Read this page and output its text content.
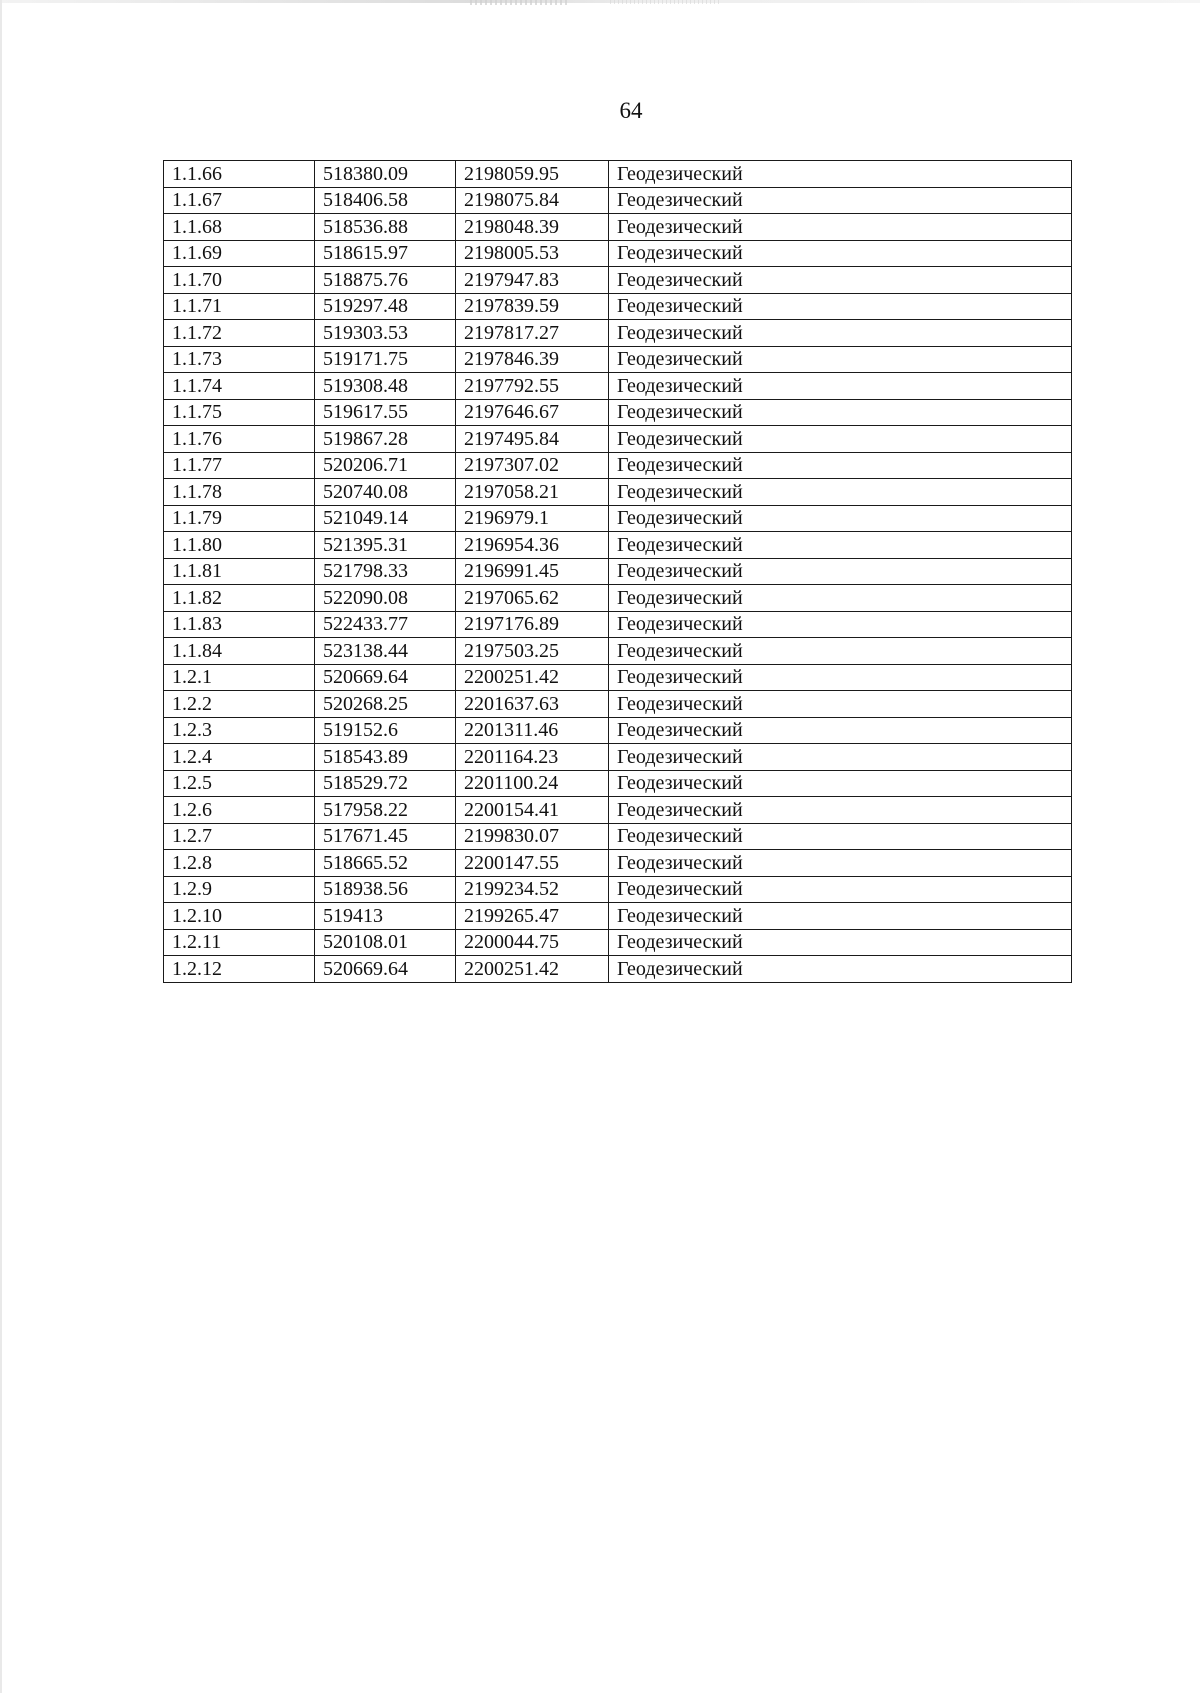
64
1.1.66	518380.09	2198059.95	Геодезический
1.1.67	518406.58	2198075.84	Геодезический
1.1.68	518536.88	2198048.39	Геодезический
1.1.69	518615.97	2198005.53	Геодезический
1.1.70	518875.76	2197947.83	Геодезический
1.1.71	519297.48	2197839.59	Геодезический
1.1.72	519303.53	2197817.27	Геодезический
1.1.73	519171.75	2197846.39	Геодезический
1.1.74	519308.48	2197792.55	Геодезический
1.1.75	519617.55	2197646.67	Геодезический
1.1.76	519867.28	2197495.84	Геодезический
1.1.77	520206.71	2197307.02	Геодезический
1.1.78	520740.08	2197058.21	Геодезический
1.1.79	521049.14	2196979.1	Геодезический
1.1.80	521395.31	2196954.36	Геодезический
1.1.81	521798.33	2196991.45	Геодезический
1.1.82	522090.08	2197065.62	Геодезический
1.1.83	522433.77	2197176.89	Геодезический
1.1.84	523138.44	2197503.25	Геодезический
1.2.1	520669.64	2200251.42	Геодезический
1.2.2	520268.25	2201637.63	Геодезический
1.2.3	519152.6	2201311.46	Геодезический
1.2.4	518543.89	2201164.23	Геодезический
1.2.5	518529.72	2201100.24	Геодезический
1.2.6	517958.22	2200154.41	Геодезический
1.2.7	517671.45	2199830.07	Геодезический
1.2.8	518665.52	2200147.55	Геодезический
1.2.9	518938.56	2199234.52	Геодезический
1.2.10	519413	2199265.47	Геодезический
1.2.11	520108.01	2200044.75	Геодезический
1.2.12	520669.64	2200251.42	Геодезический
